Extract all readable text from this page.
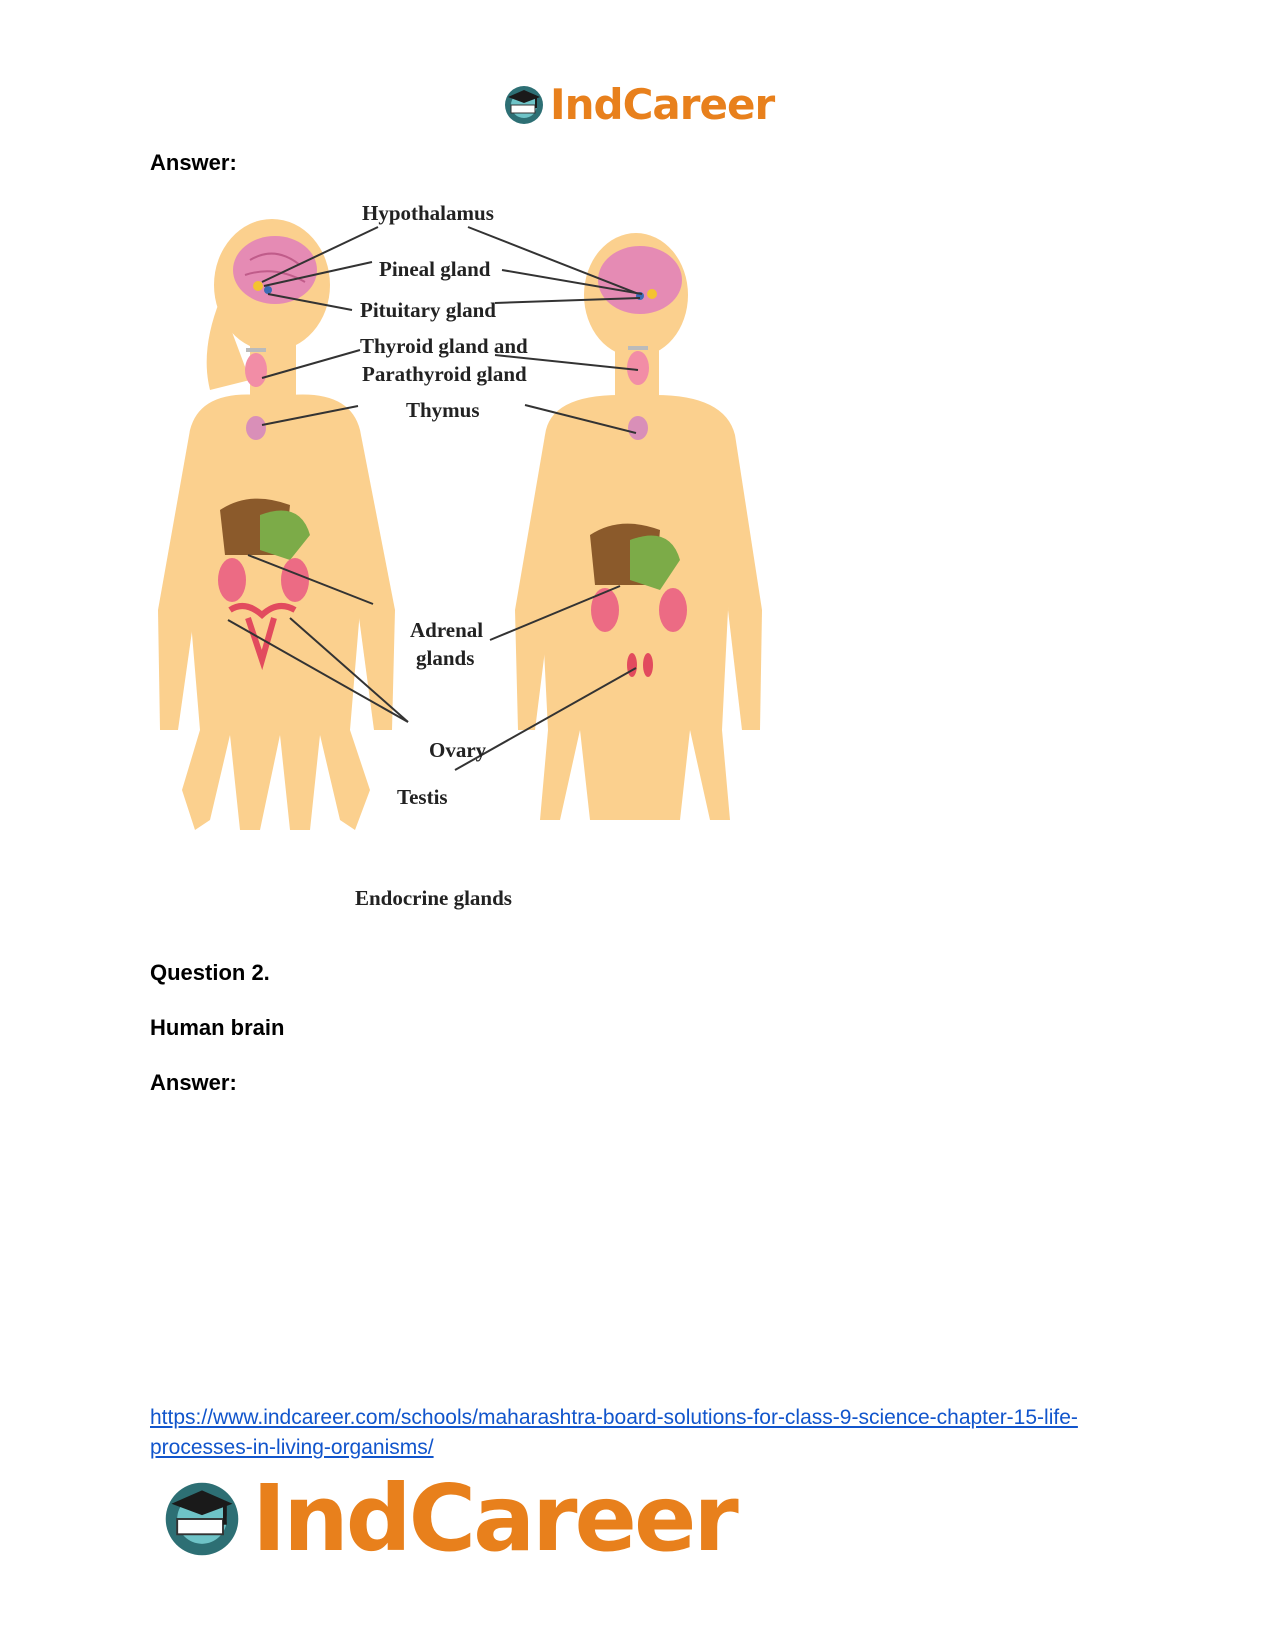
IndCareer
Answer:
Hypothalamus
Pineal gland
Pituitary gland
Thyroid gland and
Parathyroid gland
Thymus
Adrenal
glands
Ovary
Testis
Endocrine glands
Question 2.
Human brain
Answer:
https://www.indcareer.com/schools/maharashtra-board-solutions-for-class-9-science-chapter-15-life-processes-in-living-organisms/
IndCareer
